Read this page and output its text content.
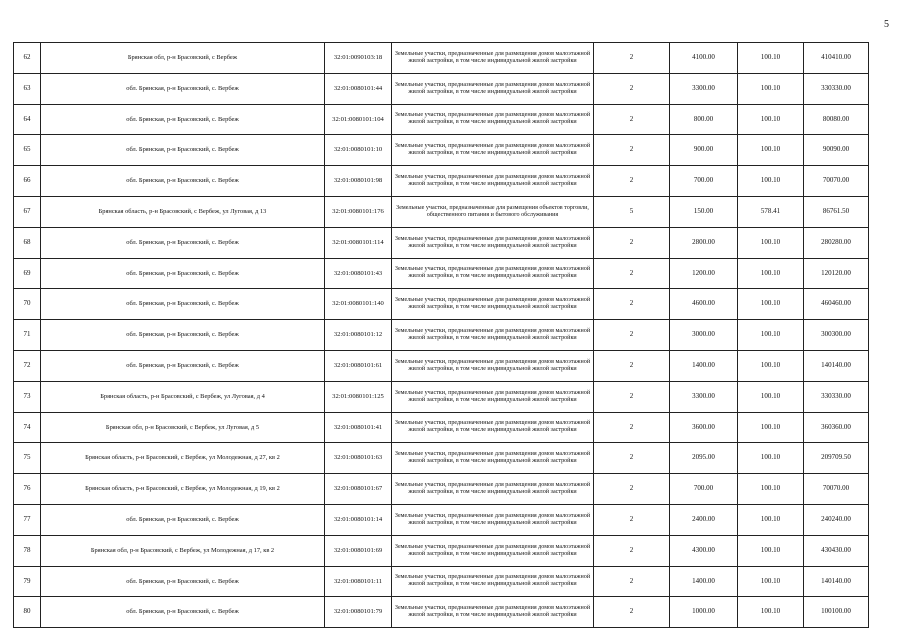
5
62	Брянская обл, р-н Брасовский, с Вербеж	32:01:0090103:18	Земельные участки, предназначенные для размещения домов малоэтажной жилой застройки, в том числе индивидуальной жилой застройки	2	4100.00	100.10	410410.00
63	обл. Брянская, р-н Брасовский, с. Вербеж	32:01:0080101:44	Земельные участки, предназначенные для размещения домов малоэтажной жилой застройки, в том числе индивидуальной жилой застройки	2	3300.00	100.10	330330.00
64	обл. Брянская, р-н Брасовский, с. Вербеж	32:01:0080101:104	Земельные участки, предназначенные для размещения домов малоэтажной жилой застройки, в том числе индивидуальной жилой застройки	2	800.00	100.10	80080.00
65	обл. Брянская, р-н Брасовский, с. Вербеж	32:01:0080101:10	Земельные участки, предназначенные для размещения домов малоэтажной жилой застройки, в том числе индивидуальной жилой застройки	2	900.00	100.10	90090.00
66	обл. Брянская, р-н Брасовский, с. Вербеж	32:01:0080101:98	Земельные участки, предназначенные для размещения домов малоэтажной жилой застройки, в том числе индивидуальной жилой застройки	2	700.00	100.10	70070.00
67	Брянская область, р-н Брасовский, с Вербеж, ул Луговая, д 13	32:01:0080101:176	Земельные участки, предназначенные для размещения объектов торговли, общественного питания и бытового обслуживания	5	150.00	578.41	86761.50
68	обл. Брянская, р-н Брасовский, с. Вербеж	32:01:0080101:114	Земельные участки, предназначенные для размещения домов малоэтажной жилой застройки, в том числе индивидуальной жилой застройки	2	2800.00	100.10	280280.00
69	обл. Брянская, р-н Брасовский, с. Вербеж	32:01:0080101:43	Земельные участки, предназначенные для размещения домов малоэтажной жилой застройки, в том числе индивидуальной жилой застройки	2	1200.00	100.10	120120.00
70	обл. Брянская, р-н Брасовский, с. Вербеж	32:01:0080101:140	Земельные участки, предназначенные для размещения домов малоэтажной жилой застройки, в том числе индивидуальной жилой застройки	2	4600.00	100.10	460460.00
71	обл. Брянская, р-н Брасовский, с. Вербеж	32:01:0080101:12	Земельные участки, предназначенные для размещения домов малоэтажной жилой застройки, в том числе индивидуальной жилой застройки	2	3000.00	100.10	300300.00
72	обл. Брянская, р-н Брасовский, с. Вербеж	32:01:0080101:61	Земельные участки, предназначенные для размещения домов малоэтажной жилой застройки, в том числе индивидуальной жилой застройки	2	1400.00	100.10	140140.00
73	Брянская область, р-н Брасовский, с Вербеж, ул Луговая, д 4	32:01:0080101:125	Земельные участки, предназначенные для размещения домов малоэтажной жилой застройки, в том числе индивидуальной жилой застройки	2	3300.00	100.10	330330.00
74	Брянская обл, р-н Брасовский, с Вербеж, ул Луговая, д 5	32:01:0080101:41	Земельные участки, предназначенные для размещения домов малоэтажной жилой застройки, в том числе индивидуальной жилой застройки	2	3600.00	100.10	360360.00
75	Брянская область, р-н Брасовский, с Вербеж, ул Молодежная, д 27, кв 2	32:01:0080101:63	Земельные участки, предназначенные для размещения домов малоэтажной жилой застройки, в том числе индивидуальной жилой застройки	2	2095.00	100.10	209709.50
76	Брянская область, р-н Брасовский, с Вербеж, ул Молодежная, д 19, кв 2	32:01:0080101:67	Земельные участки, предназначенные для размещения домов малоэтажной жилой застройки, в том числе индивидуальной жилой застройки	2	700.00	100.10	70070.00
77	обл. Брянская, р-н Брасовский, с. Вербеж	32:01:0080101:14	Земельные участки, предназначенные для размещения домов малоэтажной жилой застройки, в том числе индивидуальной жилой застройки	2	2400.00	100.10	240240.00
78	Брянская обл, р-н Брасовский, с Вербеж, ул Молодежная, д 17, кв 2	32:01:0080101:69	Земельные участки, предназначенные для размещения домов малоэтажной жилой застройки, в том числе индивидуальной жилой застройки	2	4300.00	100.10	430430.00
79	обл. Брянская, р-н Брасовский, с. Вербеж	32:01:0080101:11	Земельные участки, предназначенные для размещения домов малоэтажной жилой застройки, в том числе индивидуальной жилой застройки	2	1400.00	100.10	140140.00
80	обл. Брянская, р-н Брасовский, с. Вербеж	32:01:0080101:79	Земельные участки, предназначенные для размещения домов малоэтажной жилой застройки, в том числе индивидуальной жилой застройки	2	1000.00	100.10	100100.00
